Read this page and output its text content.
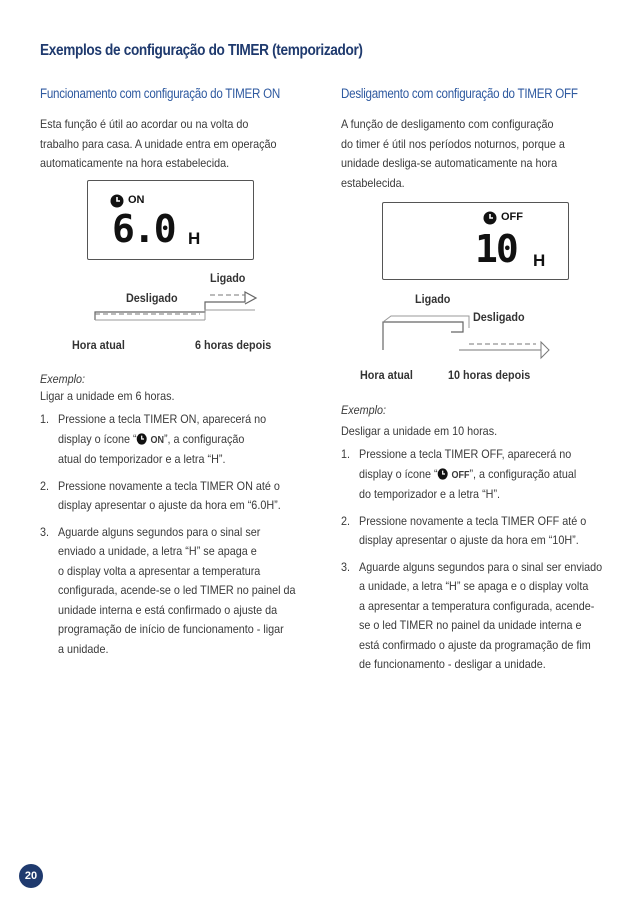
Exemplos de configuração do TIMER (temporizador)
Funcionamento com configuração do TIMER ON

Esta função é útil ao acordar ou na volta do

trabalho para casa. A unidade entra em operação

automaticamente na hora estabelecida.

ON
6.0 H
Ligado
Desligado
Hora atual	6 horas depois
Exemplo:
Ligar a unidade em 6 horas.
1. Pressione a tecla TIMER ON, aparecerá no

display o ícone “ ON”, a configuração

atual do temporizador e a letra “H”.

2. Pressione novamente a tecla TIMER ON até o

display apresentar o ajuste da hora em “6.0H”.

3. Aguarde alguns segundos para o sinal ser

enviado a unidade, a letra “H” se apaga e

o display volta a apresentar a temperatura

configurada, acende-se o led TIMER no painel da

unidade interna e está confirmado o ajuste da

programação de início de funcionamento - ligar

a unidade.

Desligamento com configuração do TIMER OFF

A função de desligamento com configuração

do timer é útil nos períodos noturnos, porque a

unidade desliga-se automaticamente na hora

estabelecida.

OFF
10 H
Ligado
Desligado
Hora atual	10 horas depois
Exemplo:
Desligar a unidade em 10 horas.
1. Pressione a tecla TIMER OFF, aparecerá no

display o ícone “ OFF”, a configuração atual

do temporizador e a letra “H”.

2. Pressione novamente a tecla TIMER OFF até o

display apresentar o ajuste da hora em “10H”.

3. Aguarde alguns segundos para o sinal ser enviado

a unidade, a letra “H” se apaga e o display volta

a apresentar a temperatura configurada, acende-

se o led TIMER no painel da unidade interna e

está confirmado o ajuste da programação de fim

de funcionamento - desligar a unidade.

20
